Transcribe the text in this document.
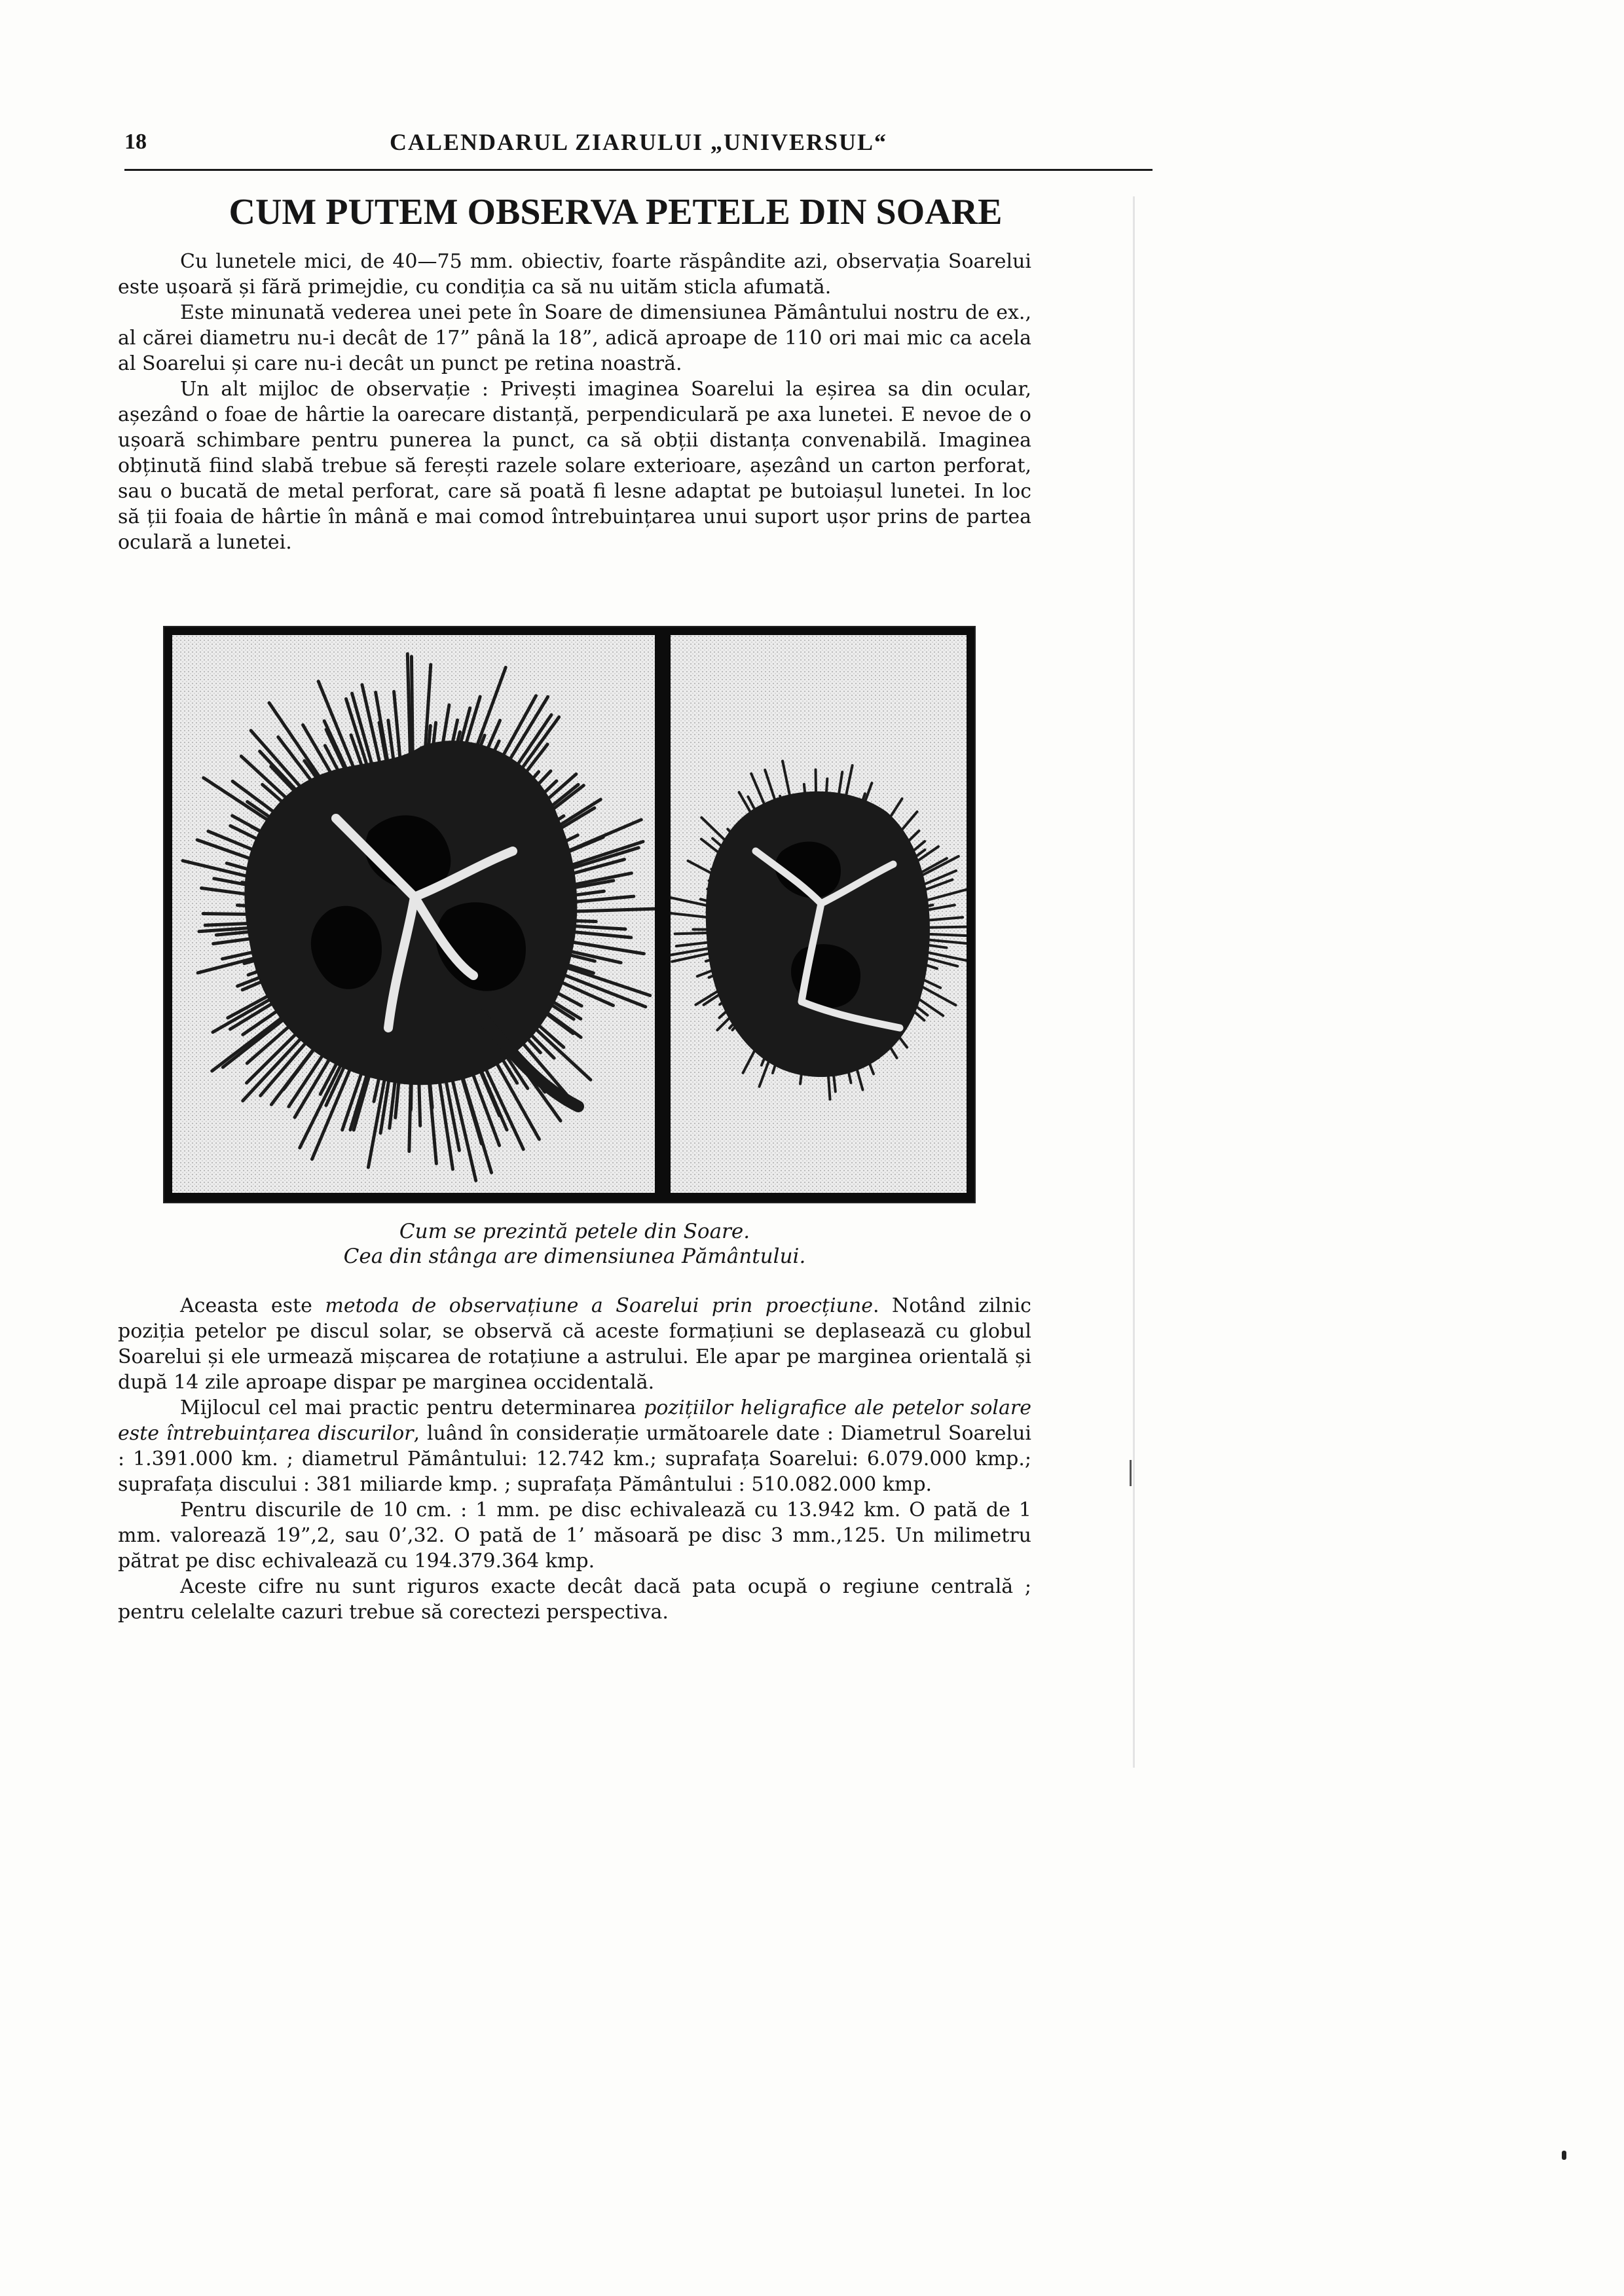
18	CALENDARUL ZIARULUI „UNIVERSUL“
CUM PUTEM OBSERVA PETELE DIN SOARE

Cu lunetele mici, de 40—75 mm. obiectiv, foarte răspândite azi, observația Soarelui este ușoară și fără primejdie, cu condiția ca să nu uităm sticla afumată.

Este minunată vederea unei pete în Soare de dimensiunea Pământului nostru de ex., al cărei diametru nu-i decât de 17” până la 18”, adică aproape de 110 ori mai mic ca acela al Soarelui și care nu-i decât un punct pe retina noastră.

Un alt mijloc de observație : Privești imaginea Soarelui la eșirea sa din ocular, așezând o foae de hârtie la oarecare distanță, perpendiculară pe axa lunetei. E nevoe de o ușoară schimbare pentru punerea la punct, ca să obții distanța convenabilă. Imaginea obținută fiind slabă trebue să ferești razele solare exterioare, așezând un carton perforat, sau o bucată de metal perforat, care să poată fi lesne adaptat pe butoiașul lunetei. In loc să ții foaia de hârtie în mână e mai comod întrebuințarea unui suport ușor prins de partea oculară a lunetei.

Cum se prezintă petele din Soare.
Cea din stânga are dimensiunea Pământului.

Aceasta este metoda de observațiune a Soarelui prin proecțiune. Notând zilnic poziția petelor pe discul solar, se observă că aceste formațiuni se deplasează cu globul Soarelui și ele urmează mișcarea de rotațiune a astrului. Ele apar pe marginea orientală și după 14 zile aproape dispar pe marginea occidentală.

Mijlocul cel mai practic pentru determinarea pozițiilor heligrafice ale petelor solare este întrebuințarea discurilor, luând în considerație următoarele date : Diametrul Soarelui : 1.391.000 km. ; diametrul Pământului: 12.742 km.; suprafața Soarelui: 6.079.000 kmp.; suprafața discului : 381 miliarde kmp. ; suprafața Pământului : 510.082.000 kmp.

Pentru discurile de 10 cm. : 1 mm. pe disc echivalează cu 13.942 km. O pată de 1 mm. valorează 19”,2, sau 0’,32. O pată de 1’ măsoară pe disc 3 mm.,125. Un milimetru pătrat pe disc echivalează cu 194.379.364 kmp.

Aceste cifre nu sunt riguros exacte decât dacă pata ocupă o regiune centrală ; pentru celelalte cazuri trebue să corectezi perspectiva.
